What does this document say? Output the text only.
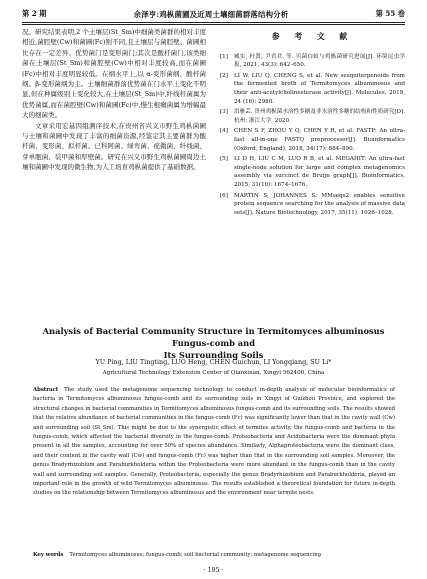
第 2 期	余泽亨:鸡枞菌圃及近周土壤细菌群落结构分析	第 55 卷

况。研究结果表明,2 个土壤层(St_Sm)中细菌类菌群的相对丰度相近,菌腔壁(Cw)和菌圃(Fc)则不同,且土壤层与菌腔壁、菌圃相比存在一定差异。优势菌门是变形菌门;其次是酸杆菌门,该类细菌在土壤层(St_Sm)和菌腔壁(Cw)中相对丰度较高,而在菌圃(Fc)中相对丰度明显较低。在纲水平上,以 α-变形菌纲、酸杆菌纲、β-变形菌纲为主。土壤细菌群落优势菌在门水平上变化不明显,但在种属级别上变化较大,在土壤层(St_Sm)中,纤线杆菌属为优势菌属,而在菌腔壁(Cw)和菌圃(Fc)中,慢生根瘤菌属为增幅最大的细菌类。

文章采用宏基因组测序技术,在贵州省兴义市野生鸡枞菌圃与土壤和菌圃中发现了丰富的细菌资源,经鉴定其主要菌群为酸杆菌、变形菌、拟杆菌、已科阿菌、绿弯菌、疣微菌、纤线菌、芽单胞菌、装甲菌和厚壁菌。研究在兴义市野生鸡枞菌圃周边土壤和菌圃中发现的微生物,为人工培育鸡枞菌提供了基础数据。

参 考 文 献
[1]	臧实, 杜贤, 尹君君, 等. 贝菌白蚁与鸡枞菌研究进展[J]. 环境昆虫学报, 2021, 43(3): 642–650.
[2]	LI W, LIU Q, CHENG S, et al. New sesquiterpenoids from the fermented broth of Termitomyces albuminosus and their anti-acetylcholinesterase activity[J]. Molecules, 2019, 24 (16): 2980.
[3]	洪雅芸. 贵州鸡枞菌水溶性多糖及非水溶性多糖的结构和性质研究[D]. 杭州: 浙江大学, 2020.
[4]	CHEN S F, ZHOU Y Q, CHEN Y R, et al. FASTP: An ultra-fast all-in-one FASTQ preprocessor[J]. Bioinformatics (Oxford, England), 2018, 34(17): 884–890.
[5]	LI D H, LIU C M, LUO R B, et al. MEGAHIT: An ultra-fast single-node solution for large and complex metagenomics assembly via succinct de Bruijn graph[J]. Bioinformatics, 2015, 31(10): 1674–1676.
[6]	MARTIN S, JOHANNES S. MMseqs2 enables sensitive protein sequence searching for the analysis of massive data sets[J]. Nature Biotechnology, 2017, 35(11): 1026–1028.
Analysis of Bacterial Community Structure in Termitomyces albuminosus Fungus-comb and
Its Surrounding Soils
YU Ping, LIU Tingting, LUO Heng, CHEN Guichun, LI Yongqiang, SU Li*
Agricultural Technology Extension Center of Qianxinan, Xingyi 562400, China
Abstract The study used the metagenome sequencing technology to conduct in-depth analysis of molecular bioinformatics of bacteria in Termitomyces albuminosus fungus-comb and its surrounding soils in Xingyi of Guizhou Province, and explored the structural changes in bacterial communities in Termitomyces albuminosus fungus-comb and its surrounding soils. The results showed that the relative abundance of bacterial communities in the fungus-comb (Fc) was significantly lower than that in the cavity wall (Cw) and surrounding soil (St_Sm). This might be due to the synergistic effect of termites activity, the fungus-comb and bacteria in the fungus-comb, which affected the bacterial diversity in the fungus-comb. Proteobacteria and Acidobacteria were the dominant phyla present in all the samples, accounting for over 50% of species abundance. Similarly, Alphaproteobacteria were the dominant class, and their content in the cavity wall (Cw) and fungus-comb (Fc) was higher than that in the surrounding soil samples. Moreover, the genus Bradyrhizobium and Paraburkholderia within the Proteobacteria were more abundant in the fungus-comb than in the cavity wall and surrounding soil samples. Generally, Proteobacteria, especially the genus Bradyrhizobium and Paraburkholderia, played an important role in the growth of wild Termitomyces albuminosus. The results established a theoretical foundation for future in-depth studies on the relationship between Termitomyces albuminosus and the environment near termite nests.
Key words Termitomyces albuminosus; fungus-comb; soil bacterial community; metagenome sequencing
· 195 ·
